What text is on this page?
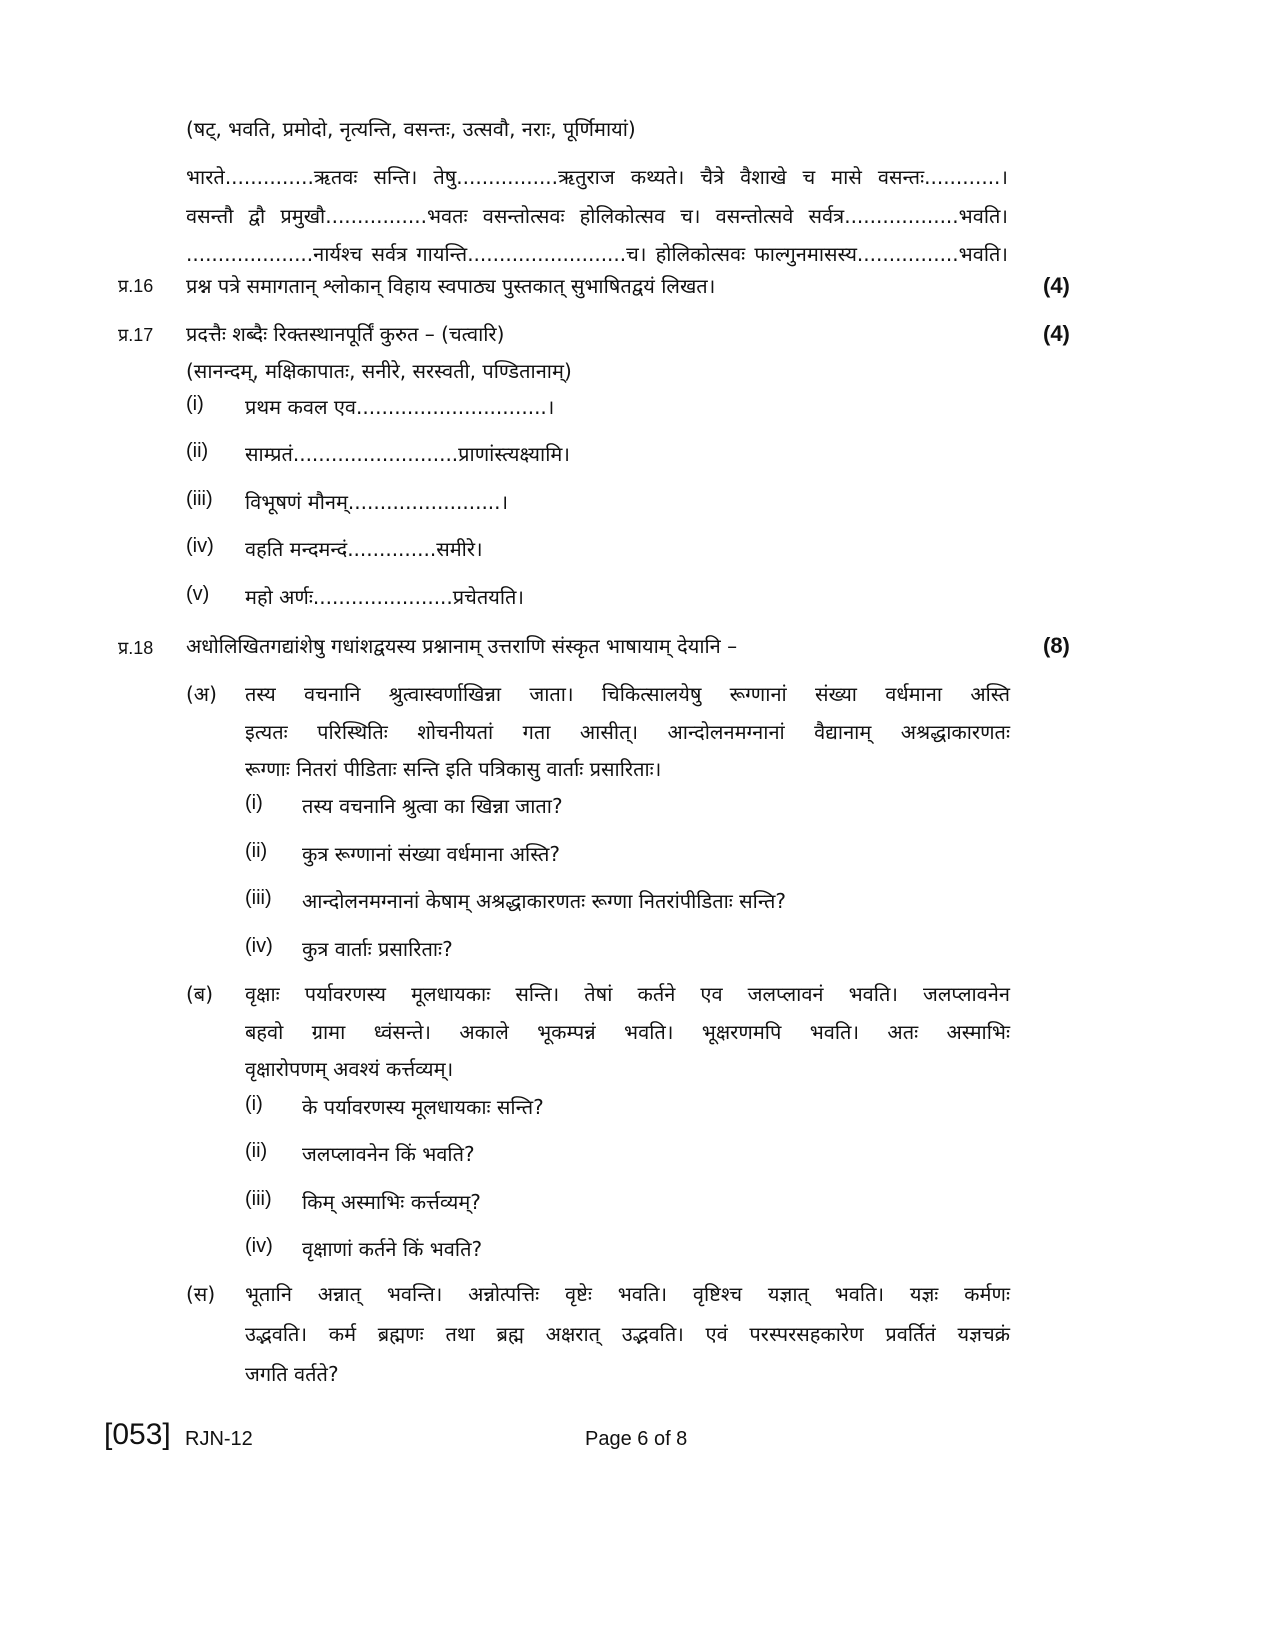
(षट्, भवति, प्रमोदो, नृत्यन्ति, वसन्तः, उत्सवौ, नराः, पूर्णिमायां)
भारते..............ऋतवः सन्ति। तेषु................ऋतुराज कथ्यते। चैत्रे वैशाखे च मासे वसन्तः............।
वसन्तौ द्वौ प्रमुखौ................भवतः वसन्तोत्सवः होलिकोत्सव च। वसन्तोत्सवे सर्वत्र..................भवति।
....................नार्यश्च सर्वत्र गायन्ति.........................च। होलिकोत्सवः फाल्गुनमासस्य................भवति।
प्र.16 प्रश्न पत्रे समागतान् श्लोकान् विहाय स्वपाठ्य पुस्तकात् सुभाषितद्वयं लिखत।	(4)
प्र.17 प्रदत्तैः शब्दैः रिक्तस्थानपूर्तिं कुरुत – (चत्वारि)	(4)
(सानन्दम्, मक्षिकापातः, सनीरे, सरस्वती, पण्डितानाम्)
(i) प्रथम कवल एव..............................।
(ii) साम्प्रतं..........................प्राणांस्त्यक्ष्यामि।
(iii) विभूषणं मौनम्........................।
(iv) वहति मन्दमन्दं..............समीरे।
(v) महो अर्णः......................प्रचेतयति।
प्र.18 अधोलिखितगद्यांशेषु गधांशद्वयस्य प्रश्नानाम् उत्तराणि संस्कृत भाषायाम् देयानि –	(8)
(अ) तस्य वचनानि श्रुत्वास्वर्णाखिन्ना जाता। चिकित्सालयेषु रूग्णानां संख्या वर्धमाना अस्ति
इत्यतः परिस्थितिः शोचनीयतां गता आसीत्। आन्दोलनमग्नानां वैद्यानाम् अश्रद्धाकारणतः
रूग्णाः नितरां पीडिताः सन्ति इति पत्रिकासु वार्ताः प्रसारिताः।
(i) तस्य वचनानि श्रुत्वा का खिन्ना जाता?
(ii) कुत्र रूग्णानां संख्या वर्धमाना अस्ति?
(iii) आन्दोलनमग्नानां केषाम् अश्रद्धाकारणतः रूग्णा नितरांपीडिताः सन्ति?
(iv) कुत्र वार्ताः प्रसारिताः?
(ब) वृक्षाः पर्यावरणस्य मूलधायकाः सन्ति। तेषां कर्तने एव जलप्लावनं भवति। जलप्लावनेन
बहवो ग्रामा ध्वंसन्ते। अकाले भूकम्पन्नं भवति। भूक्षरणमपि भवति। अतः अस्माभिः
वृक्षारोपणम् अवश्यं कर्त्तव्यम्।
(i) के पर्यावरणस्य मूलधायकाः सन्ति?
(ii) जलप्लावनेन किं भवति?
(iii) किम् अस्माभिः कर्त्तव्यम्?
(iv) वृक्षाणां कर्तने किं भवति?
(स) भूतानि अन्नात् भवन्ति। अन्नोत्पत्तिः वृष्टेः भवति। वृष्टिश्च यज्ञात् भवति। यज्ञः कर्मणः
उद्भवति। कर्म ब्रह्मणः तथा ब्रह्म अक्षरात् उद्भवति। एवं परस्परसहकारेण प्रवर्तितं यज्ञचक्रं
जगति वर्तते?
[053] RJN-12	Page 6 of 8
